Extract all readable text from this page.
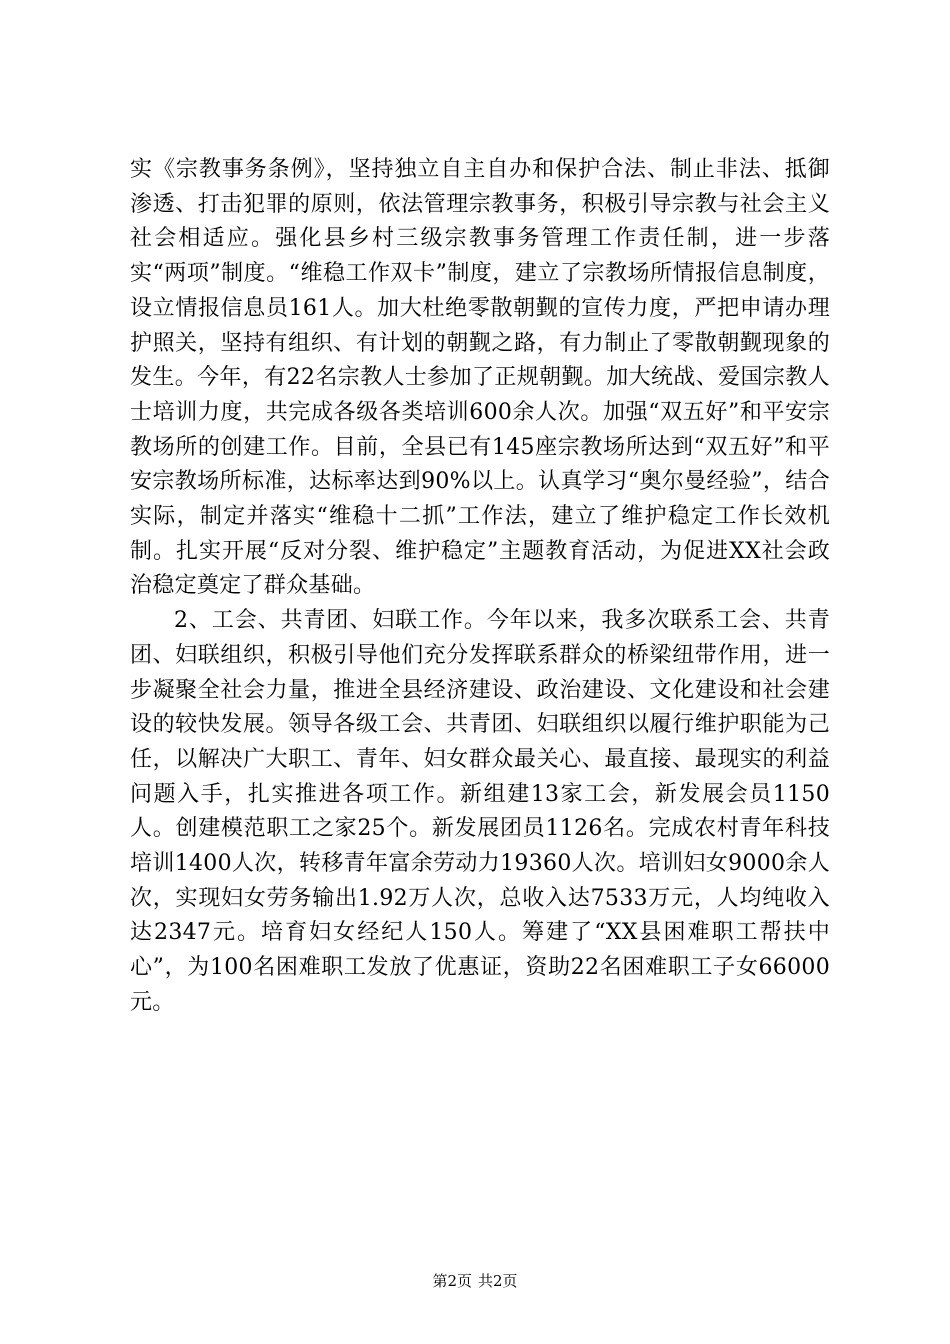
实《宗教事务条例》，坚持独立自主自办和保护合法、制止非法、抵御渗透、打击犯罪的原则，依法管理宗教事务，积极引导宗教与社会主义社会相适应。强化县乡村三级宗教事务管理工作责任制，进一步落实“两项”制度。“维稳工作双卡”制度，建立了宗教场所情报信息制度，设立情报信息员161人。加大杜绝零散朝觐的宣传力度，严把申请办理护照关，坚持有组织、有计划的朝觐之路，有力制止了零散朝觐现象的发生。今年，有22名宗教人士参加了正规朝觐。加大统战、爱国宗教人士培训力度，共完成各级各类培训600余人次。加强“双五好”和平安宗教场所的创建工作。目前，全县已有145座宗教场所达到“双五好”和平安宗教场所标准，达标率达到90%以上。认真学习“奥尔曼经验”，结合实际，制定并落实“维稳十二抓”工作法，建立了维护稳定工作长效机制。扎实开展“反对分裂、维护稳定”主题教育活动，为促进XX社会政治稳定奠定了群众基础。

2、工会、共青团、妇联工作。今年以来，我多次联系工会、共青团、妇联组织，积极引导他们充分发挥联系群众的桥梁纽带作用，进一步凝聚全社会力量，推进全县经济建设、政治建设、文化建设和社会建设的较快发展。领导各级工会、共青团、妇联组织以履行维护职能为己任，以解决广大职工、青年、妇女群众最关心、最直接、最现实的利益问题入手，扎实推进各项工作。新组建13家工会，新发展会员1150人。创建模范职工之家25个。新发展团员1126名。完成农村青年科技培训1400人次，转移青年富余劳动力19360人次。培训妇女9000余人次，实现妇女劳务输出1.92万人次，总收入达7533万元，人均纯收入达2347元。培育妇女经纪人150人。筹建了“XX县困难职工帮扶中心”，为100名困难职工发放了优惠证，资助22名困难职工子女66000元。

第2页 共2页
